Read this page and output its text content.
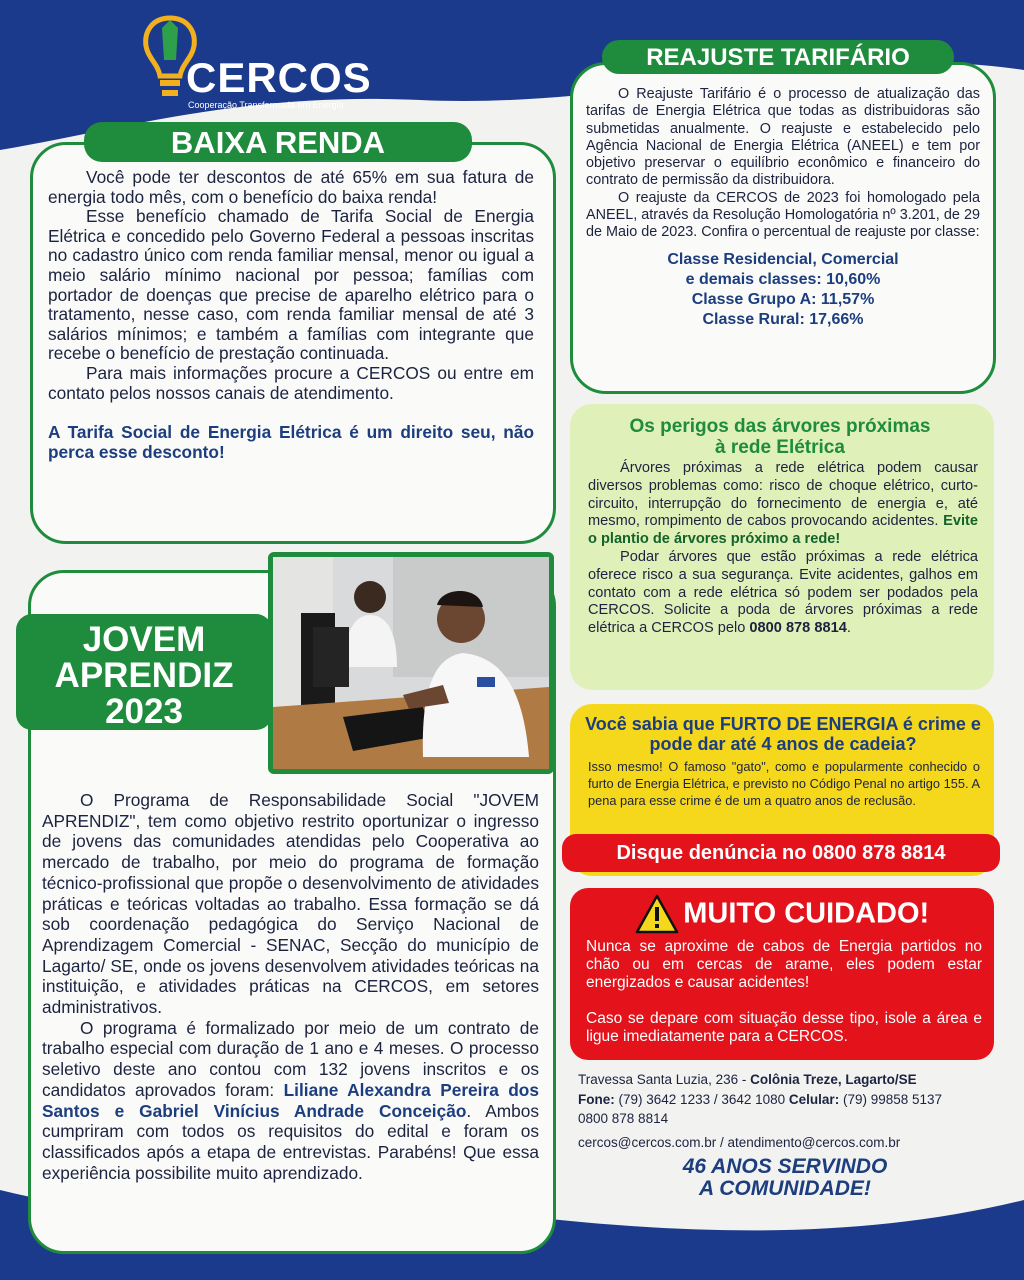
CERCOS
Cooperação Transformada em Energia
BAIXA RENDA

Você pode ter descontos de até 65% em sua fatura de energia todo mês, com o benefício do baixa renda!

Esse benefício chamado de Tarifa Social de Energia Elétrica e concedido pelo Governo Federal a pessoas inscritas no cadastro único com renda familiar mensal, menor ou igual a meio salário mínimo nacional por pessoa; famílias com portador de doenças que precise de aparelho elétrico para o tratamento, nesse caso, com renda familiar mensal de até 3 salários mínimos; e também a famílias com integrante que recebe o benefício de prestação continuada.

Para mais informações procure a CERCOS ou entre em contato pelos nossos canais de atendimento.

A Tarifa Social de Energia Elétrica é um direito seu, não perca esse desconto!

REAJUSTE TARIFÁRIO

O Reajuste Tarifário é o processo de atualização das tarifas de Energia Elétrica que todas as distribuidoras são submetidas anualmente. O reajuste e estabelecido pelo Agência Nacional de Energia Elétrica (ANEEL) e tem por objetivo preservar o equilíbrio econômico e financeiro do contrato de permissão da distribuidora.

O reajuste da CERCOS de 2023 foi homologado pela ANEEL, através da Resolução Homologatória nº 3.201, de 29 de Maio de 2023. Confira o percentual de reajuste por classe:

Classe Residencial, Comercial
e demais classes: 10,60%
Classe Grupo A: 11,57%
Classe Rural: 17,66%
Os perigos das árvores próximas
à rede Elétrica

Árvores próximas a rede elétrica podem causar diversos problemas como: risco de choque elétrico, curto-circuito, interrupção do fornecimento de energia e, até mesmo, rompimento de cabos provocando acidentes. Evite o plantio de árvores próximo a rede!

Podar árvores que estão próximas a rede elétrica oferece risco a sua segurança. Evite acidentes, galhos em contato com a rede elétrica só podem ser podados pela CERCOS. Solicite a poda de árvores próximas a rede elétrica a CERCOS pelo 0800 878 8814.

Você sabia que FURTO DE ENERGIA é crime e pode dar até 4 anos de cadeia?
Isso mesmo! O famoso "gato", como e popularmente conhecido o furto de Energia Elétrica, e previsto no Código Penal no artigo 155. A pena para esse crime é de um a quatro anos de reclusão.
Disque denúncia no 0800 878 8814
MUITO CUIDADO!

Nunca se aproxime de cabos de Energia partidos no chão ou em cercas de arame, eles podem estar energizados e causar acidentes!

Caso se depare com situação desse tipo, isole a área e ligue imediatamente para a CERCOS.

Travessa Santa Luzia, 236 - Colônia Treze, Lagarto/SE
Fone: (79) 3642 1233 / 3642 1080 Celular: (79) 99858 5137
0800 878 8814
cercos@cercos.com.br / atendimento@cercos.com.br
46 ANOS SERVINDO
A COMUNIDADE!
JOVEM
APRENDIZ
2023

O Programa de Responsabilidade Social "JOVEM APRENDIZ", tem como objetivo restrito oportunizar o ingresso de jovens das comunidades atendidas pelo Cooperativa ao mercado de trabalho, por meio do programa de formação técnico-profissional que propõe o desenvolvimento de atividades práticas e teóricas voltadas ao trabalho. Essa formação se dá sob coordenação pedagógica do Serviço Nacional de Aprendizagem Comercial - SENAC, Secção do município de Lagarto/ SE, onde os jovens desenvolvem atividades teóricas na instituição, e atividades práticas na CERCOS, em setores administrativos.

O programa é formalizado por meio de um contrato de trabalho especial com duração de 1 ano e 4 meses. O processo seletivo deste ano contou com 132 jovens inscritos e os candidatos aprovados foram: Liliane Alexandra Pereira dos Santos e Gabriel Vinícius Andrade Conceição. Ambos cumpriram com todos os requisitos do edital e foram os classificados após a etapa de entrevistas. Parabéns! Que essa experiência possibilite muito aprendizado.
